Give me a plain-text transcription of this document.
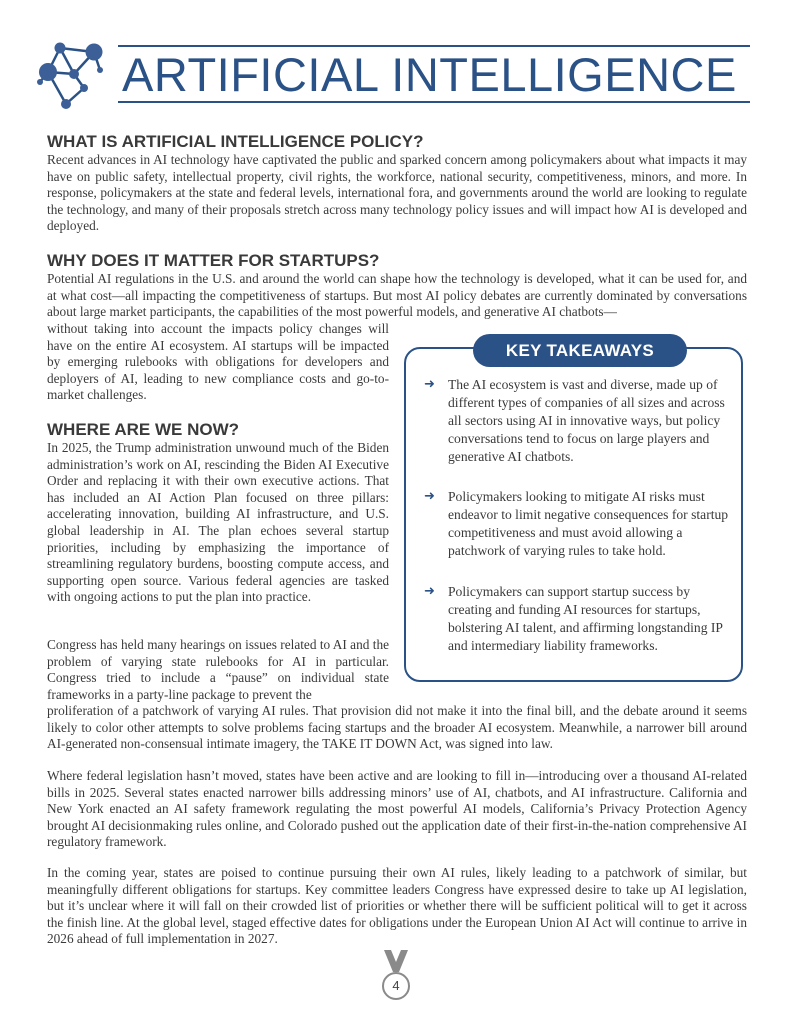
ARTIFICIAL INTELLIGENCE
WHAT IS ARTIFICIAL INTELLIGENCE POLICY?

Recent advances in AI technology have captivated the public and sparked concern among policymakers about what impacts it may have on public safety, intellectual property, civil rights, the workforce, national security, competitiveness, minors, and more. In response, policymakers at the state and federal levels, international fora, and governments around the world are looking to regulate the technology, and many of their proposals stretch across many technology policy issues and will impact how AI is developed and deployed.

WHY DOES IT MATTER FOR STARTUPS?

Potential AI regulations in the U.S. and around the world can shape how the technology is developed, what it can be used for, and at what cost—all impacting the competitiveness of startups. But most AI policy debates are currently dominated by conversations about large market participants, the capabilities of the most powerful models, and generative AI chatbots—

without taking into account the impacts policy changes will have on the entire AI ecosystem. AI startups will be impacted by emerging rulebooks with obligations for developers and deployers of AI, leading to new compliance costs and go-to-market challenges.

WHERE ARE WE NOW?

In 2025, the Trump administration unwound much of the Biden administration’s work on AI, rescinding the Biden AI Executive Order and replacing it with their own executive actions. That has included an AI Action Plan focused on three pillars: accelerating innovation, building AI infrastructure, and U.S. global leadership in AI. The plan echoes several startup priorities, including by emphasizing the importance of streamlining regulatory burdens, boosting compute access, and supporting open source. Various federal agencies are tasked with ongoing actions to put the plan into practice.

Congress has held many hearings on issues related to AI and the problem of varying state rulebooks for AI in particular. Congress tried to include a “pause” on individual state frameworks in a party-line package to prevent the

proliferation of a patchwork of varying AI rules. That provision did not make it into the final bill, and the debate around it seems likely to color other attempts to solve problems facing startups and the broader AI ecosystem. Meanwhile, a narrower bill around AI-generated non-consensual intimate imagery, the TAKE IT DOWN Act, was signed into law.

Where federal legislation hasn’t moved, states have been active and are looking to fill in—introducing over a thousand AI-related bills in 2025. Several states enacted narrower bills addressing minors’ use of AI, chatbots, and AI infrastructure. California and New York enacted an AI safety framework regulating the most powerful AI models, California’s Privacy Protection Agency brought AI decisionmaking rules online, and Colorado pushed out the application date of their first-in-the-nation comprehensive AI regulatory framework.

In the coming year, states are poised to continue pursuing their own AI rules, likely leading to a patchwork of similar, but meaningfully different obligations for startups. Key committee leaders Congress have expressed desire to take up AI legislation, but it’s unclear where it will fall on their crowded list of priorities or whether there will be sufficient political will to get it across the finish line. At the global level, staged effective dates for obligations under the European Union AI Act will continue to arrive in 2026 ahead of full implementation in 2027.

KEY TAKEAWAYS
➜ The AI ecosystem is vast and diverse, made up of different types of companies of all sizes and across all sectors using AI in innovative ways, but policy conversations tend to focus on large players and generative AI chatbots.
➜ Policymakers looking to mitigate AI risks must endeavor to limit negative consequences for startup competitiveness and must avoid allowing a patchwork of varying rules to take hold.
➜ Policymakers can support startup success by creating and funding AI resources for startups, bolstering AI talent, and affirming longstanding IP and intermediary liability frameworks.
4
